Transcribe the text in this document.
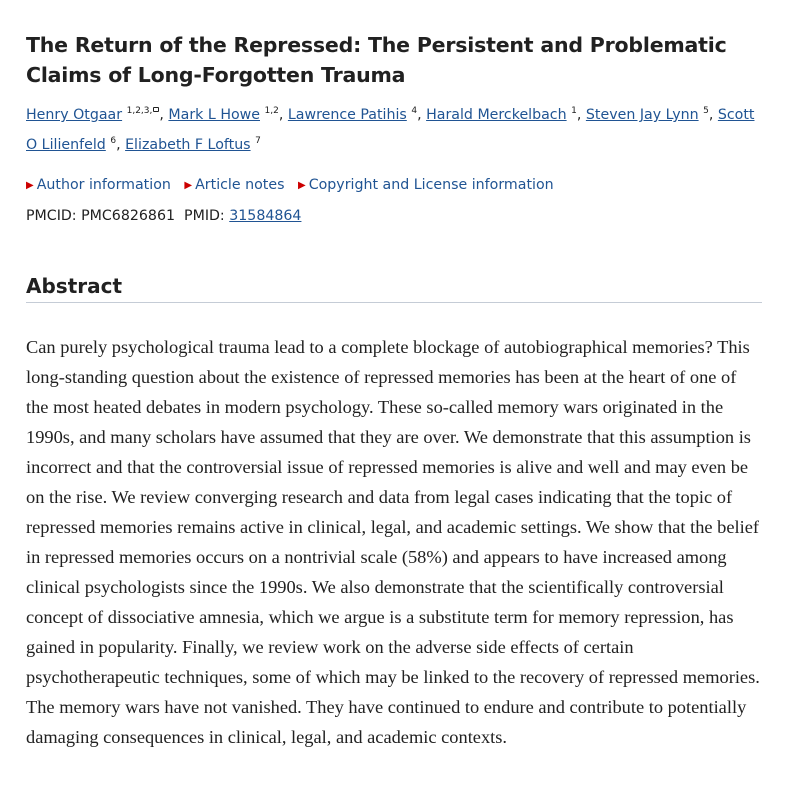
The Return of the Repressed: The Persistent and Problematic Claims of Long-Forgotten Trauma
Henry Otgaar $^{1,2,3,}$ , Mark L Howe $^{1,2}$, Lawrence Patihis $^4$, Harald Merckelbach $^1$, Steven Jay Lynn $^5$, Scott O Lilienfeld $^6$, Elizabeth F Loftus $^7$
▶ Author information ▶ Article notes ▶ Copyright and License information
PMCID: PMC6826861 PMID: 31584864
Abstract

Can purely psychological trauma lead to a complete blockage of autobiographical memories? This long-standing question about the existence of repressed memories has been at the heart of one of the most heated debates in modern psychology. These so-called memory wars originated in the 1990s, and many scholars have assumed that they are over. We demonstrate that this assumption is incorrect and that the controversial issue of repressed memories is alive and well and may even be on the rise. We review converging research and data from legal cases indicating that the topic of repressed memories remains active in clinical, legal, and academic settings. We show that the belief in repressed memories occurs on a nontrivial scale (58%) and appears to have increased among clinical psychologists since the 1990s. We also demonstrate that the scientifically controversial concept of dissociative amnesia, which we argue is a substitute term for memory repression, has gained in popularity. Finally, we review work on the adverse side effects of certain psychotherapeutic techniques, some of which may be linked to the recovery of repressed memories. The memory wars have not vanished. They have continued to endure and contribute to potentially damaging consequences in clinical, legal, and academic contexts.
